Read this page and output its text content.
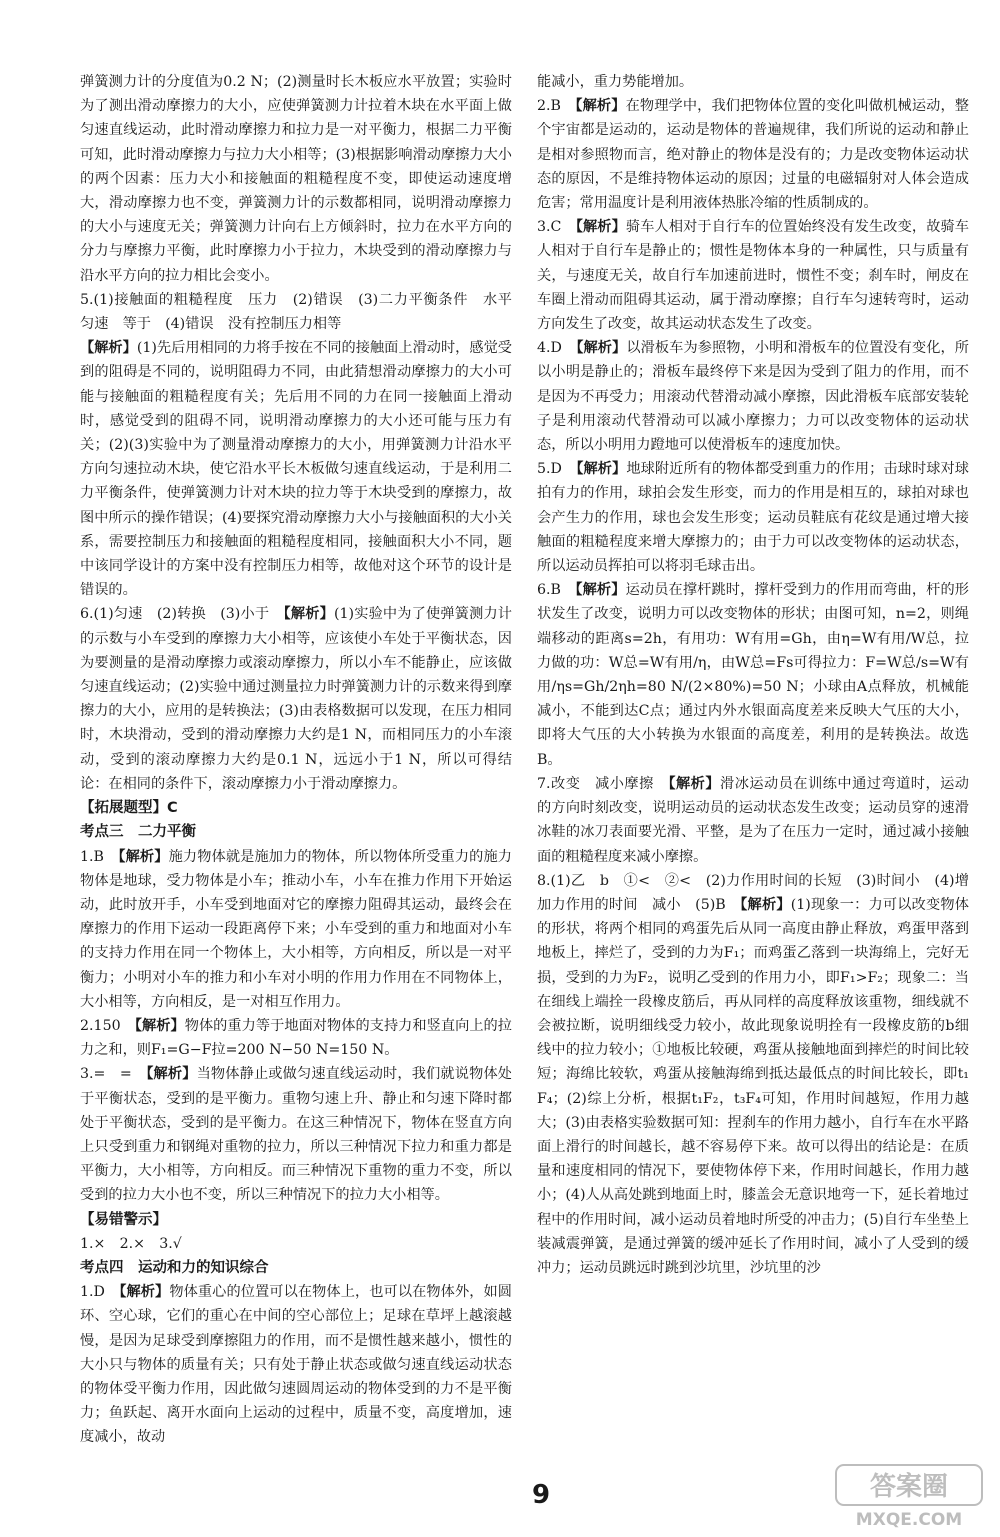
弹簧测力计的分度值为0.2 N；(2)测量时长木板应水平放置；实验时为了测出滑动摩擦力的大小，应使弹簧测力计拉着木块在水平面上做匀速直线运动，此时滑动摩擦力和拉力是一对平衡力，根据二力平衡可知，此时滑动摩擦力与拉力大小相等；(3)根据影响滑动摩擦力大小的两个因素：压力大小和接触面的粗糙程度不变，即使运动速度增大，滑动摩擦力也不变，弹簧测力计的示数都相同，说明滑动摩擦力的大小与速度无关；弹簧测力计向右上方倾斜时，拉力在水平方向的分力与摩擦力平衡，此时摩擦力小于拉力，木块受到的滑动摩擦力与沿水平方向的拉力相比会变小。

5.(1)接触面的粗糙程度　压力　(2)错误　(3)二力平衡条件　水平　匀速　等于　(4)错误　没有控制压力相等

【解析】(1)先后用相同的力将手按在不同的接触面上滑动时，感觉受到的阻碍是不同的，说明阻碍力不同，由此猜想滑动摩擦力的大小可能与接触面的粗糙程度有关；先后用不同的力在同一接触面上滑动时，感觉受到的阻碍不同，说明滑动摩擦力的大小还可能与压力有关；(2)(3)实验中为了测量滑动摩擦力的大小，用弹簧测力计沿水平方向匀速拉动木块，使它沿水平长木板做匀速直线运动，于是利用二力平衡条件，使弹簧测力计对木块的拉力等于木块受到的摩擦力，故图中所示的操作错误；(4)要探究滑动摩擦力大小与接触面积的大小关系，需要控制压力和接触面的粗糙程度相同，接触面积大小不同，题中该同学设计的方案中没有控制压力相等，故他对这个环节的设计是错误的。

6.(1)匀速　(2)转换　(3)小于　【解析】(1)实验中为了使弹簧测力计的示数与小车受到的摩擦力大小相等，应该使小车处于平衡状态，因为要测量的是滑动摩擦力或滚动摩擦力，所以小车不能静止，应该做匀速直线运动；(2)实验中通过测量拉力时弹簧测力计的示数来得到摩擦力的大小，应用的是转换法；(3)由表格数据可以发现，在压力相同时，木块滑动，受到的滑动摩擦力大约是1 N，而相同压力的小车滚动，受到的滚动摩擦力大约是0.1 N，远远小于1 N，所以可得结论：在相同的条件下，滚动摩擦力小于滑动摩擦力。

【拓展题型】C

考点三　二力平衡

1.B　【解析】施力物体就是施加力的物体，所以物体所受重力的施力物体是地球，受力物体是小车；推动小车，小车在推力作用下开始运动，此时放开手，小车受到地面对它的摩擦力阻碍其运动，最终会在摩擦力的作用下运动一段距离停下来；小车受到的重力和地面对小车的支持力作用在同一个物体上，大小相等，方向相反，所以是一对平衡力；小明对小车的推力和小车对小明的作用力作用在不同物体上，大小相等，方向相反，是一对相互作用力。

2.150　【解析】物体的重力等于地面对物体的支持力和竖直向上的拉力之和，则F₁=G−F拉=200 N−50 N=150 N。

3.=　=　【解析】当物体静止或做匀速直线运动时，我们就说物体处于平衡状态，受到的是平衡力。重物匀速上升、静止和匀速下降时都处于平衡状态，受到的是平衡力。在这三种情况下，物体在竖直方向上只受到重力和钢绳对重物的拉力，所以三种情况下拉力和重力都是平衡力，大小相等，方向相反。而三种情况下重物的重力不变，所以受到的拉力大小也不变，所以三种情况下的拉力大小相等。

【易错警示】

1.×　2.×　3.√

考点四　运动和力的知识综合

1.D　【解析】物体重心的位置可以在物体上，也可以在物体外，如圆环、空心球，它们的重心在中间的空心部位上；足球在草坪上越滚越慢，是因为足球受到摩擦阻力的作用，而不是惯性越来越小，惯性的大小只与物体的质量有关；只有处于静止状态或做匀速直线运动状态的物体受平衡力作用，因此做匀速圆周运动的物体受到的力不是平衡力；鱼跃起、离开水面向上运动的过程中，质量不变，高度增加，速度减小，故动

能减小，重力势能增加。

2.B　【解析】在物理学中，我们把物体位置的变化叫做机械运动，整个宇宙都是运动的，运动是物体的普遍规律，我们所说的运动和静止是相对参照物而言，绝对静止的物体是没有的；力是改变物体运动状态的原因，不是维持物体运动的原因；过量的电磁辐射对人体会造成危害；常用温度计是利用液体热胀冷缩的性质制成的。

3.C　【解析】骑车人相对于自行车的位置始终没有发生改变，故骑车人相对于自行车是静止的；惯性是物体本身的一种属性，只与质量有关，与速度无关，故自行车加速前进时，惯性不变；刹车时，闸皮在车圈上滑动而阻碍其运动，属于滑动摩擦；自行车匀速转弯时，运动方向发生了改变，故其运动状态发生了改变。

4.D　【解析】以滑板车为参照物，小明和滑板车的位置没有变化，所以小明是静止的；滑板车最终停下来是因为受到了阻力的作用，而不是因为不再受力；用滚动代替滑动减小摩擦，因此滑板车底部安装轮子是利用滚动代替滑动可以减小摩擦力；力可以改变物体的运动状态，所以小明用力蹬地可以使滑板车的速度加快。

5.D　【解析】地球附近所有的物体都受到重力的作用；击球时球对球拍有力的作用，球拍会发生形变，而力的作用是相互的，球拍对球也会产生力的作用，球也会发生形变；运动员鞋底有花纹是通过增大接触面的粗糙程度来增大摩擦力的；由于力可以改变物体的运动状态，所以运动员挥拍可以将羽毛球击出。

6.B　【解析】运动员在撑杆跳时，撑杆受到力的作用而弯曲，杆的形状发生了改变，说明力可以改变物体的形状；由图可知，n=2，则绳端移动的距离s=2h，有用功：W有用=Gh，由η=W有用/W总，拉力做的功：W总=W有用/η，由W总=Fs可得拉力：F=W总/s=W有用/ηs=Gh/2ηh=80 N/(2×80%)=50 N；小球由A点释放，机械能减小，不能到达C点；通过内外水银面高度差来反映大气压的大小，即将大气压的大小转换为水银面的高度差，利用的是转换法。故选B。

7.改变　减小摩擦　【解析】滑冰运动员在训练中通过弯道时，运动的方向时刻改变，说明运动员的运动状态发生改变；运动员穿的速滑冰鞋的冰刀表面要光滑、平整，是为了在压力一定时，通过减小接触面的粗糙程度来减小摩擦。

8.(1)乙　b　①<　②<　(2)力作用时间的长短　(3)时间小　(4)增加力作用的时间　减小　(5)B　【解析】(1)现象一：力可以改变物体的形状，将两个相同的鸡蛋先后从同一高度由静止释放，鸡蛋甲落到地板上，摔烂了，受到的力为F₁；而鸡蛋乙落到一块海绵上，完好无损，受到的力为F₂，说明乙受到的作用力小，即F₁>F₂；现象二：当在细线上端拴一段橡皮筋后，再从同样的高度释放该重物，细线就不会被拉断，说明细线受力较小，故此现象说明拴有一段橡皮筋的b细线中的拉力较小；①地板比较硬，鸡蛋从接触地面到摔烂的时间比较短；海绵比较软，鸡蛋从接触海绵到抵达最低点的时间比较长，即t₁F₄；(2)综上分析，根据t₁F₂，t₃F₄可知，作用时间越短，作用力越大；(3)由表格实验数据可知：捏刹车的作用力越小，自行车在水平路面上滑行的时间越长，越不容易停下来。故可以得出的结论是：在质量和速度相同的情况下，要使物体停下来，作用时间越长，作用力越小；(4)人从高处跳到地面上时，膝盖会无意识地弯一下，延长着地过程中的作用时间，减小运动员着地时所受的冲击力；(5)自行车坐垫上装减震弹簧，是通过弹簧的缓冲延长了作用时间，减小了人受到的缓冲力；运动员跳远时跳到沙坑里，沙坑里的沙

9	答案圈
MXQE.COM
